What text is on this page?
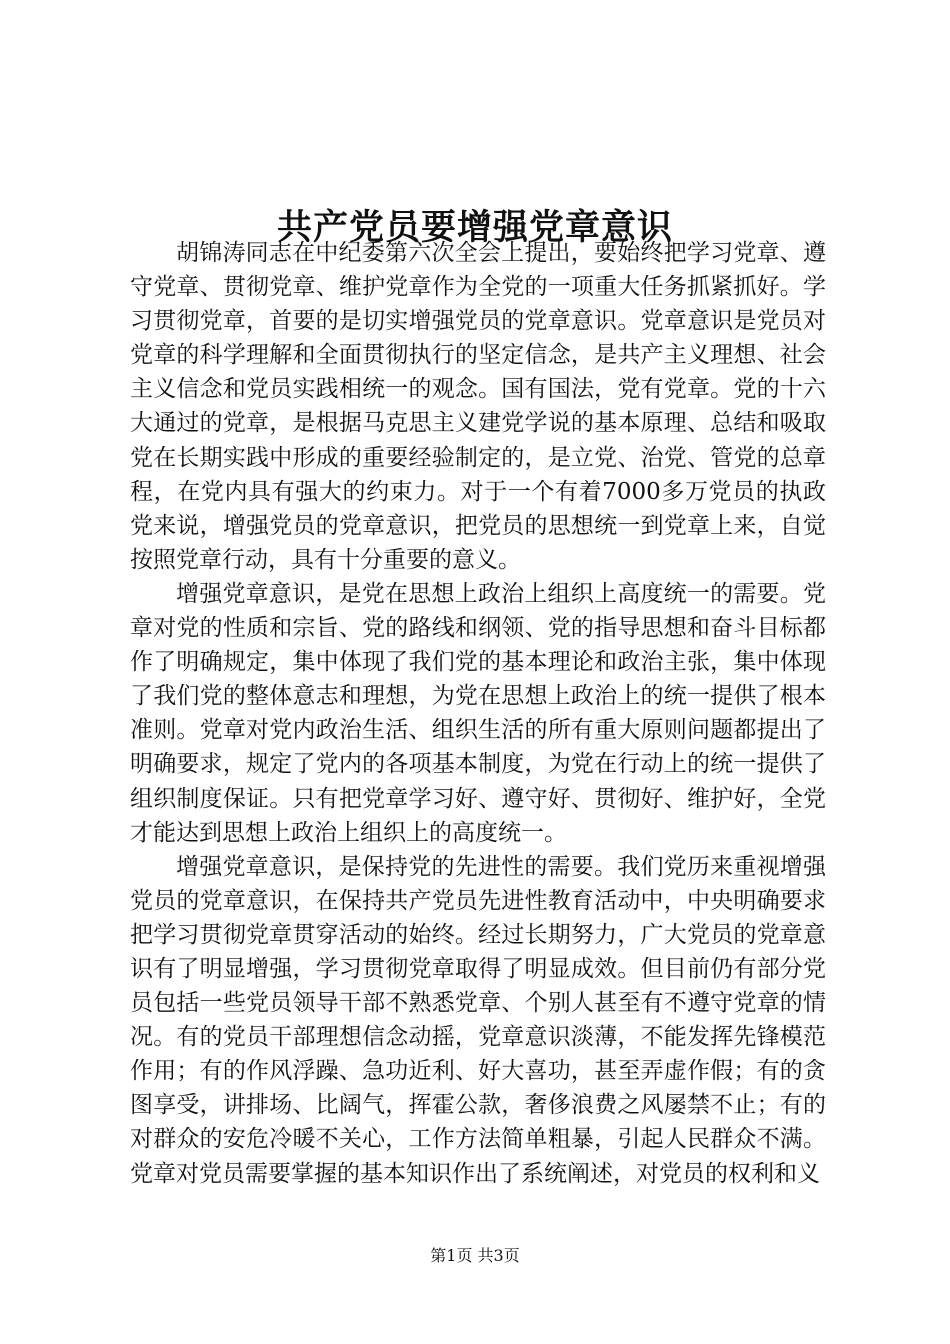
共产党员要增强党章意识

胡锦涛同志在中纪委第六次全会上提出，要始终把学习党章、遵守党章、贯彻党章、维护党章作为全党的一项重大任务抓紧抓好。学习贯彻党章，首要的是切实增强党员的党章意识。党章意识是党员对党章的科学理解和全面贯彻执行的坚定信念，是共产主义理想、社会主义信念和党员实践相统一的观念。国有国法，党有党章。党的十六大通过的党章，是根据马克思主义建党学说的基本原理、总结和吸取党在长期实践中形成的重要经验制定的，是立党、治党、管党的总章程，在党内具有强大的约束力。对于一个有着7000多万党员的执政党来说，增强党员的党章意识，把党员的思想统一到党章上来，自觉按照党章行动，具有十分重要的意义。

增强党章意识，是党在思想上政治上组织上高度统一的需要。党章对党的性质和宗旨、党的路线和纲领、党的指导思想和奋斗目标都作了明确规定，集中体现了我们党的基本理论和政治主张，集中体现了我们党的整体意志和理想，为党在思想上政治上的统一提供了根本准则。党章对党内政治生活、组织生活的所有重大原则问题都提出了明确要求，规定了党内的各项基本制度，为党在行动上的统一提供了组织制度保证。只有把党章学习好、遵守好、贯彻好、维护好，全党才能达到思想上政治上组织上的高度统一。

增强党章意识，是保持党的先进性的需要。我们党历来重视增强党员的党章意识，在保持共产党员先进性教育活动中，中央明确要求把学习贯彻党章贯穿活动的始终。经过长期努力，广大党员的党章意识有了明显增强，学习贯彻党章取得了明显成效。但目前仍有部分党员包括一些党员领导干部不熟悉党章、个别人甚至有不遵守党章的情况。有的党员干部理想信念动摇，党章意识淡薄，不能发挥先锋模范作用；有的作风浮躁、急功近利、好大喜功，甚至弄虚作假；有的贪图享受，讲排场、比阔气，挥霍公款，奢侈浪费之风屡禁不止；有的对群众的安危冷暖不关心，工作方法简单粗暴，引起人民群众不满。党章对党员需要掌握的基本知识作出了系统阐述，对党员的权利和义

第1页 共3页
